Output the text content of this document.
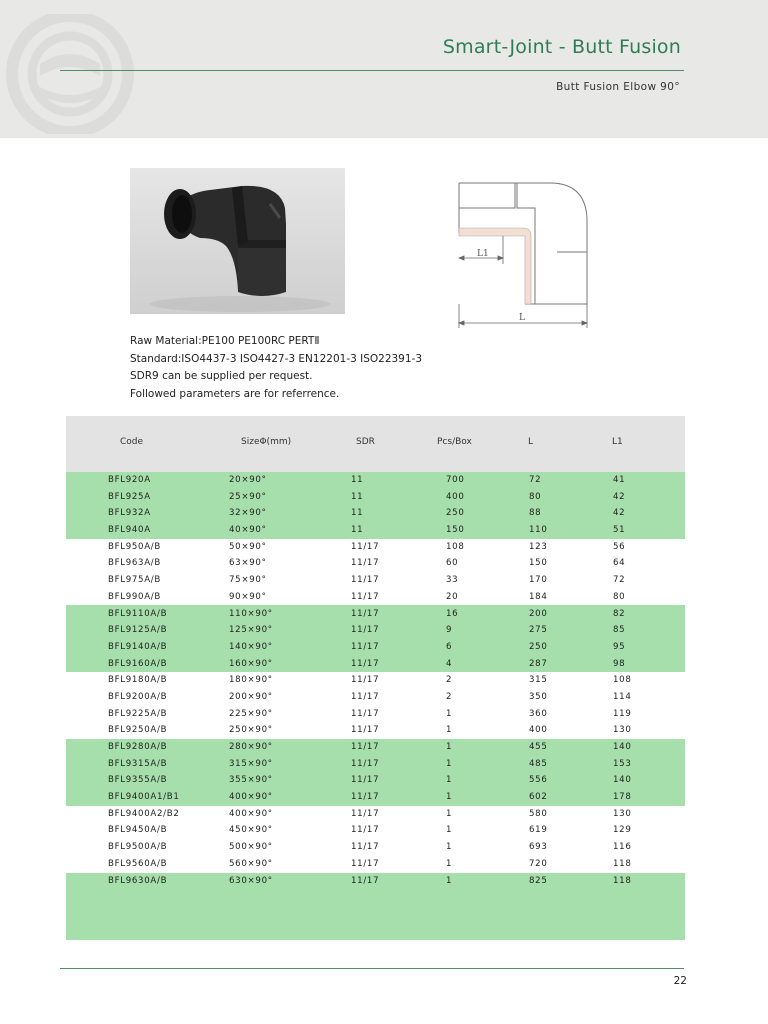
Smart-Joint - Butt Fusion
Butt Fusion Elbow 90°
L1
L
Raw Material:PE100 PE100RC PERTⅡ
Standard:ISO4437-3 ISO4427-3 EN12201-3 ISO22391-3
SDR9 can be supplied per request.
Followed parameters are for referrence.
Code	SizeΦ(mm)	SDR	Pcs/Box	L	L1
BFL920A	20×90°	11	700	72	41
BFL925A	25×90°	11	400	80	42
BFL932A	32×90°	11	250	88	42
BFL940A	40×90°	11	150	110	51
BFL950A/B	50×90°	11/17	108	123	56
BFL963A/B	63×90°	11/17	60	150	64
BFL975A/B	75×90°	11/17	33	170	72
BFL990A/B	90×90°	11/17	20	184	80
BFL9110A/B	110×90°	11/17	16	200	82
BFL9125A/B	125×90°	11/17	9	275	85
BFL9140A/B	140×90°	11/17	6	250	95
BFL9160A/B	160×90°	11/17	4	287	98
BFL9180A/B	180×90°	11/17	2	315	108
BFL9200A/B	200×90°	11/17	2	350	114
BFL9225A/B	225×90°	11/17	1	360	119
BFL9250A/B	250×90°	11/17	1	400	130
BFL9280A/B	280×90°	11/17	1	455	140
BFL9315A/B	315×90°	11/17	1	485	153
BFL9355A/B	355×90°	11/17	1	556	140
BFL9400A1/B1	400×90°	11/17	1	602	178
BFL9400A2/B2	400×90°	11/17	1	580	130
BFL9450A/B	450×90°	11/17	1	619	129
BFL9500A/B	500×90°	11/17	1	693	116
BFL9560A/B	560×90°	11/17	1	720	118
BFL9630A/B	630×90°	11/17	1	825	118
22
